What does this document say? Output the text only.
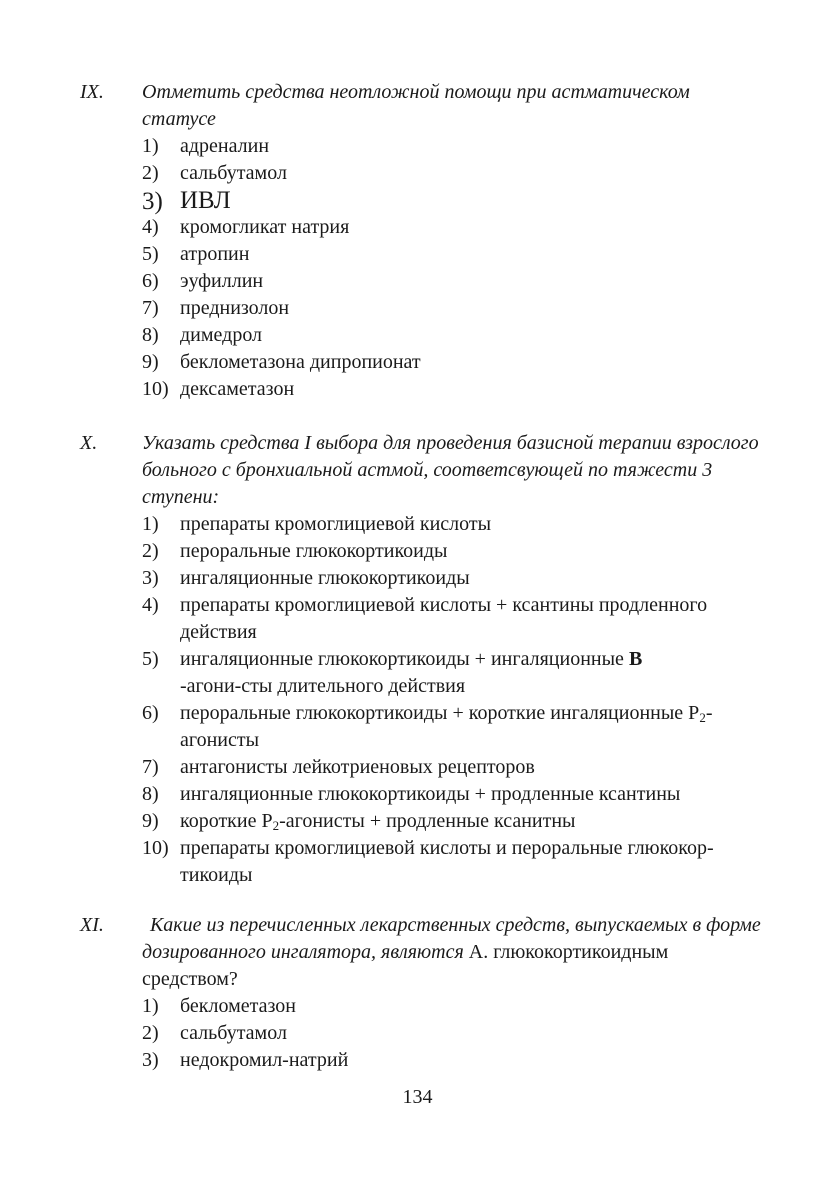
IX. Отметить средства неотложной помощи при астматическом статусе
1) адреналин
2) сальбутамол
3) ИВЛ
4) кромогликат натрия
5) атропин
6) эуфиллин
7) преднизолон
8) димедрол
9) беклометазона дипропионат
10) дексаметазон
X. Указать средства I выбора для проведения базисной терапии взрослого больного с бронхиальной астмой, соответсвующей по тяжести 3 ступени:
1) препараты кромоглициевой кислоты
2) пероральные глюкокортикоиды
3) ингаляционные глюкокортикоиды
4) препараты кромоглициевой кислоты + ксантины продленного действия
5) ингаляционные глюкокортикоиды + ингаляционные В
-агони-сты длительного действия
6) пероральные глюкокортикоиды + короткие ингаляционные $Р_2$-агонисты
7) антагонисты лейкотриеновых рецепторов
8) ингаляционные глюкокортикоиды + продленные ксантины
9) короткие $Р_2$-агонисты + продленные ксанитны
10) препараты кромоглициевой кислоты и пероральные глюкокор-тикоиды
XI.	Какие из перечисленных лекарственных средств, выпускаемых в форме дозированного ингалятора, являются А. глюкокортикоидным средством?
1) беклометазон
2) сальбутамол
3) недокромил-натрий
134
